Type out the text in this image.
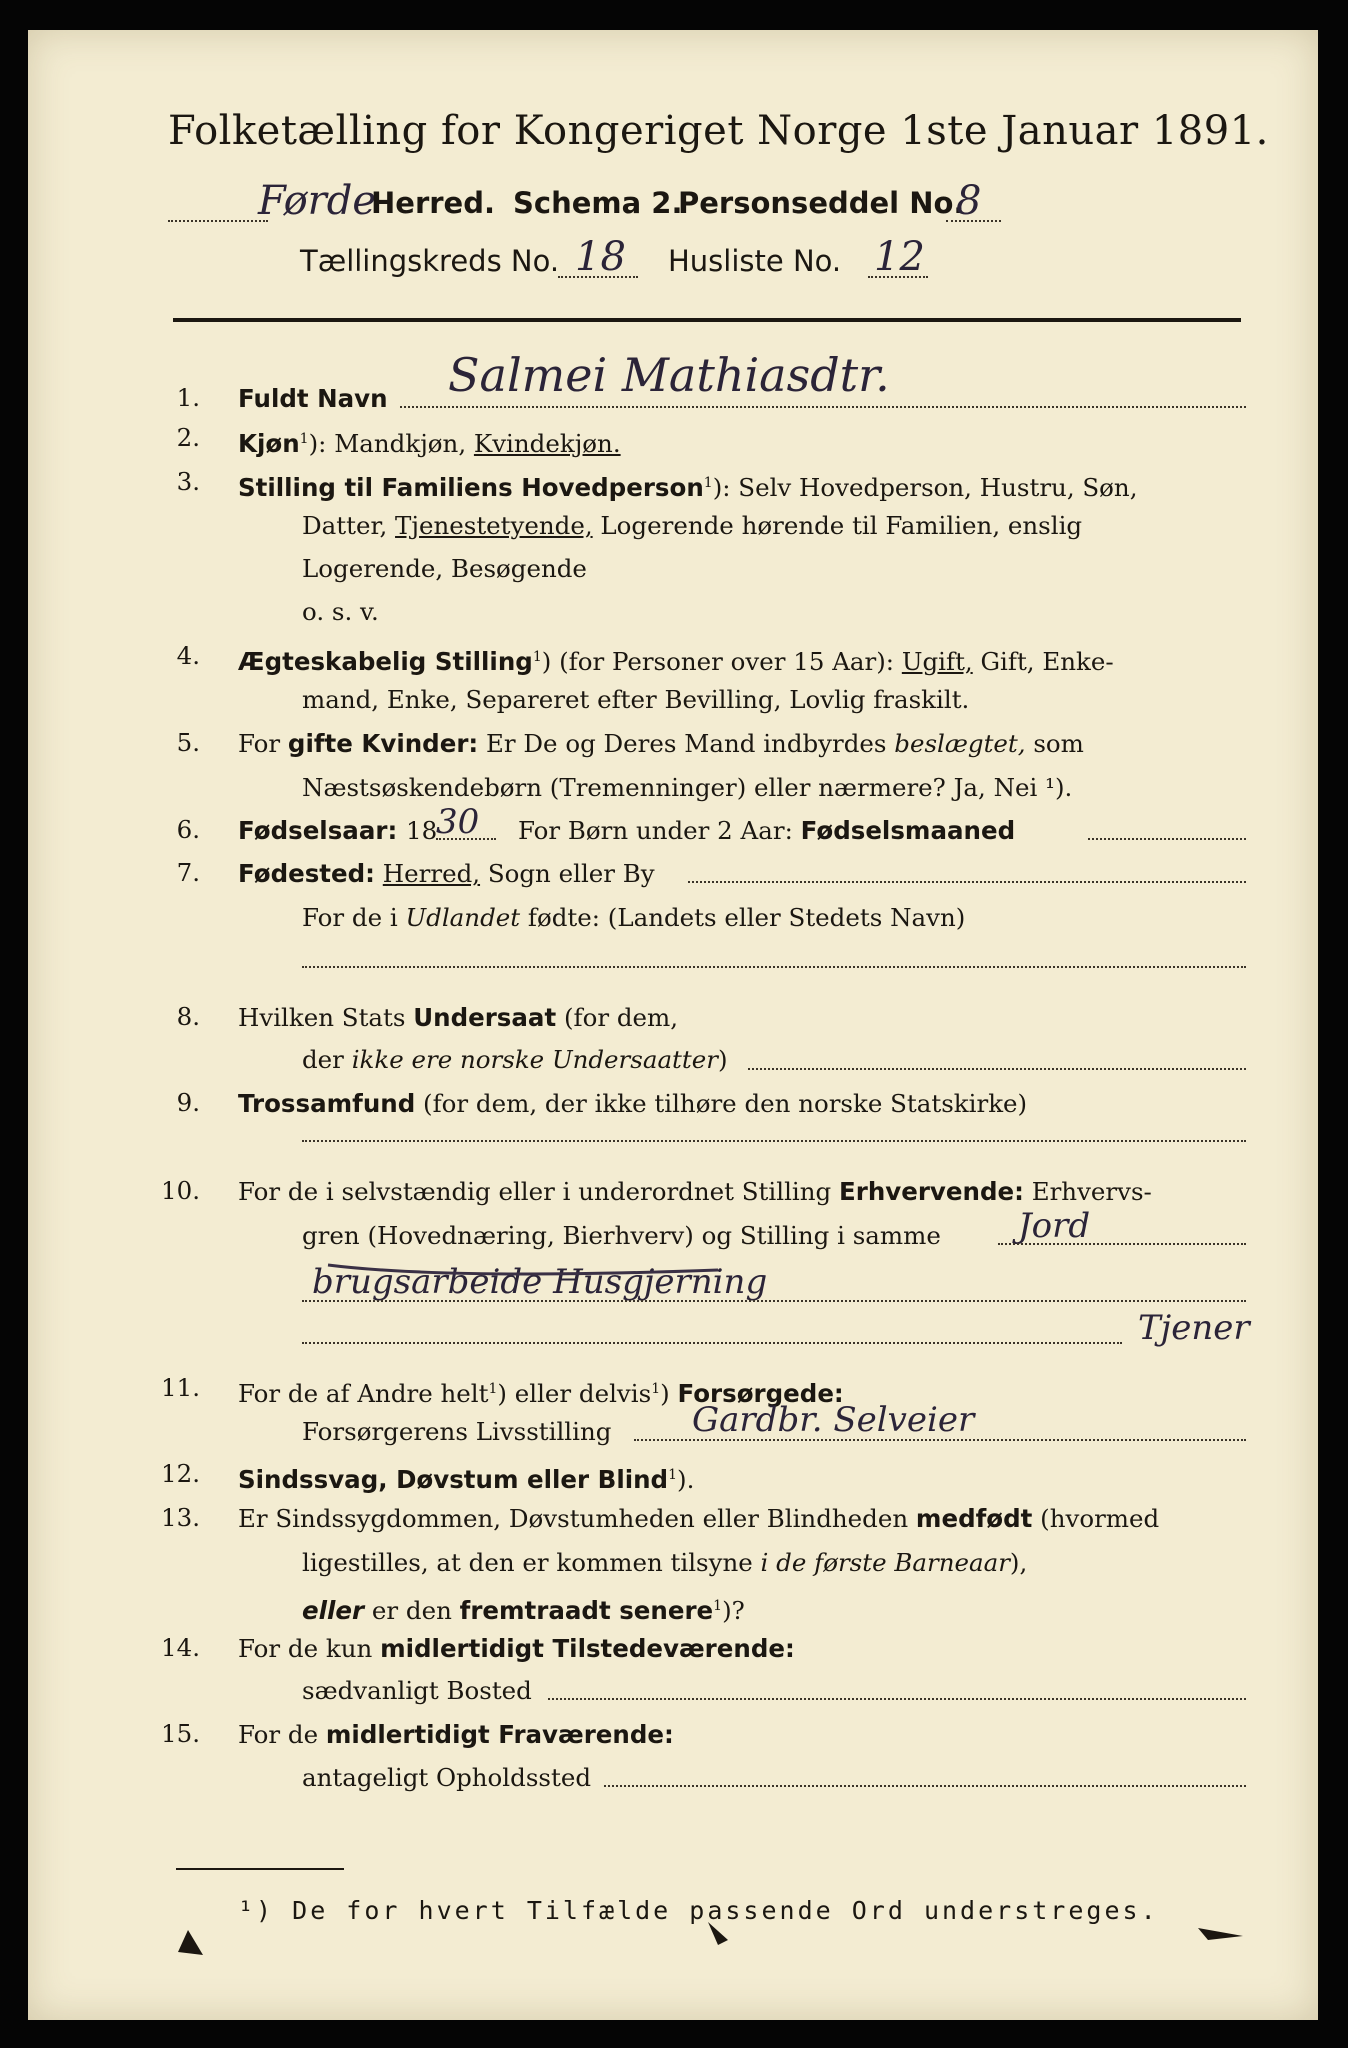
Folketælling for Kongeriget Norge 1ste Januar 1891.
Førde
Herred. Schema 2.
Personseddel No.
8
Tællingskreds No. 18 Husliste No. 12
1. Fuldt Navn Salmei Mathiasdtr.
2. Kjøn$^1$): Mandkjøn, Kvindekjøn.
3. Stilling til Familiens Hovedperson$^1$): Selv Hovedperson, Hustru, Søn,
Datter, Tjenestetyende, Logerende hørende til Familien, enslig
Logerende, Besøgende
o. s. v.
4. Ægteskabelig Stilling$^1$) (for Personer over 15 Aar): Ugift, Gift, Enke-
mand, Enke, Separeret efter Bevilling, Lovlig fraskilt.
5. For gifte Kvinder: Er De og Deres Mand indbyrdes beslægtet, som
Næstsøskendebørn (Tremenninger) eller nærmere? Ja, Nei ¹).
6. Fødselsaar: 18
30 For Børn under 2 Aar: Fødselsmaaned
7. Fødested: Herred, Sogn eller By
For de i Udlandet fødte: (Landets eller Stedets Navn)
8. Hvilken Stats Undersaat (for dem,
der ikke ere norske Undersaatter)
9. Trossamfund (for dem, der ikke tilhøre den norske Statskirke)
10. For de i selvstændig eller i underordnet Stilling Erhvervende: Erhvervs-
gren (Hovednæring, Bierhverv) og Stilling i samme Jord
brugsarbeide Husgjerning
Tjener
11. For de af Andre helt$^1$) eller delvis$^1$) Forsørgede:
Forsørgerens Livsstilling Gardbr. Selveier
12. Sindssvag, Døvstum eller Blind$^1$).
13. Er Sindssygdommen, Døvstumheden eller Blindheden medfødt (hvormed
ligestilles, at den er kommen tilsyne i de første Barneaar),
eller er den fremtraadt senere$^1$)?
14. For de kun midlertidigt Tilstedeværende:
sædvanligt Bosted
15. For de midlertidigt Fraværende:
antageligt Opholdssted
¹) De for hvert Tilfælde passende Ord understreges.
